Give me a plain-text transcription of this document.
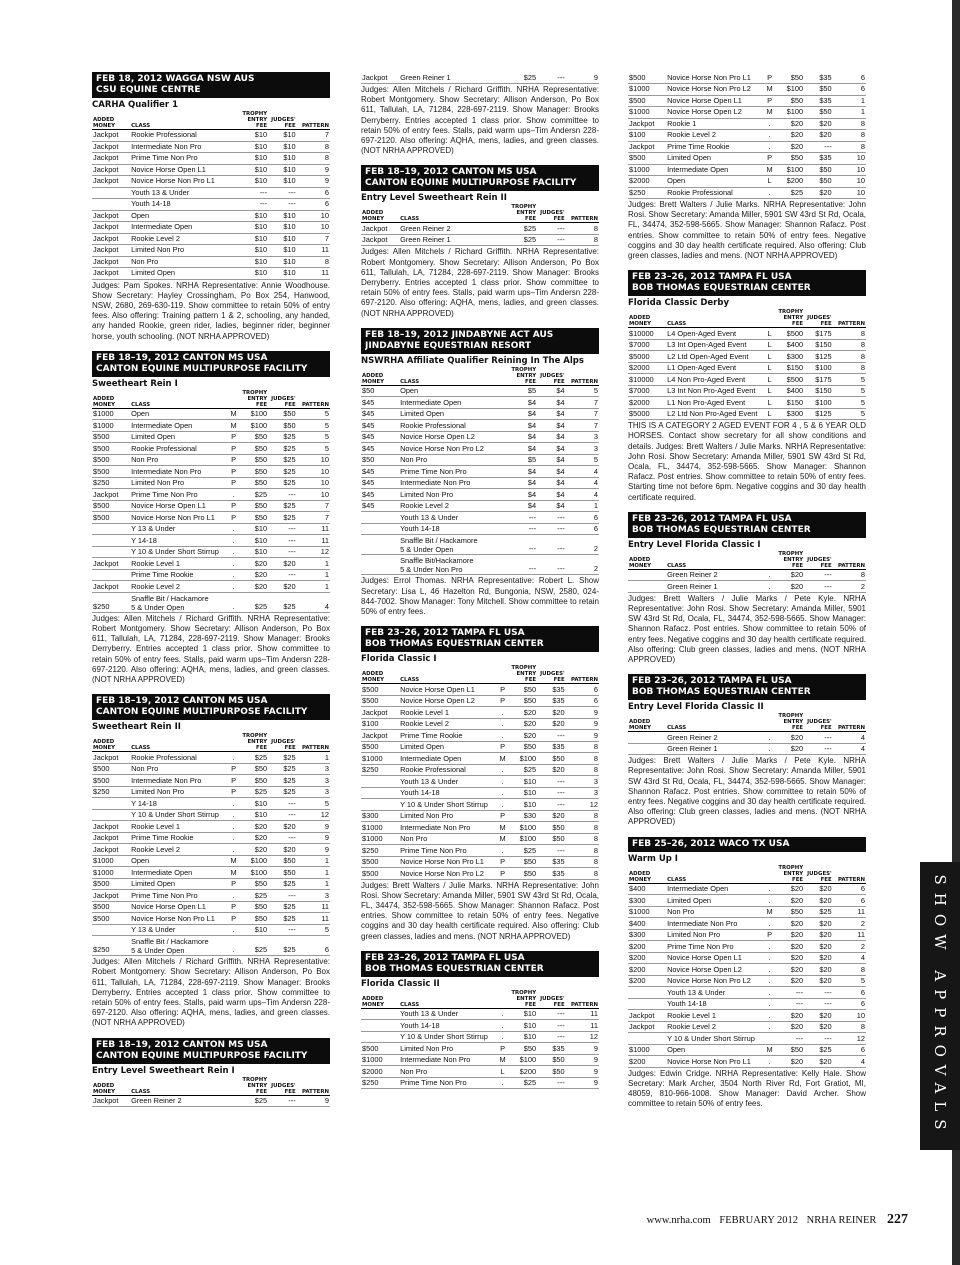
FEB 18, 2012 WAGGA NSW AUS
CSU EQUINE CENTRE
CARHA Qualifier 1
ADDED MONEY	CLASS		TROPHY ENTRY FEE	JUDGES' FEE	PATTERN
Jackpot	Rookie Professional		$10	$10	7
Jackpot	Intermediate Non Pro		$10	$10	8
Jackpot	Prime Time Non Pro		$10	$10	8
Jackpot	Novice Horse Open L1		$10	$10	9
Jackpot	Novice Horse Non Pro L1		$10	$10	9
	Youth 13 & Under		---	---	6
	Youth 14-18		---	---	6
Jackpot	Open		$10	$10	10
Jackpot	Intermediate Open		$10	$10	10
Jackpot	Rookie Level 2		$10	$10	7
Jackpot	Limited Non Pro		$10	$10	11
Jackpot	Non Pro		$10	$10	8
Jackpot	Limited Open		$10	$10	11

Judges: Pam Spokes. NRHA Representative: Annie Woodhouse. Show Secretary: Hayley Crossingham, Po Box 254, Hanwood, NSW, 2680, 269-630-119. Show committee to retain 50% of entry fees. Also offering: Training pattern 1 & 2, schooling, any handed, any handed Rookie, green rider, ladies, beginner rider, beginner horse, youth schooling. (NOT NRHA APPROVED)

FEB 18–19, 2012 CANTON MS USA
CANTON EQUINE MULTIPURPOSE FACILITY
Sweetheart Rein I
ADDED MONEY	CLASS		TROPHY ENTRY FEE	JUDGES' FEE	PATTERN
$1000	Open	M	$100	$50	5
$1000	Intermediate Open	M	$100	$50	5
$500	Limited Open	P	$50	$25	5
$500	Rookie Professional	P	$50	$25	5
$500	Non Pro	P	$50	$25	10
$500	Intermediate Non Pro	P	$50	$25	10
$250	Limited Non Pro	P	$50	$25	10
Jackpot	Prime Time Non Pro	.	$25	---	10
$500	Novice Horse Open L1	P	$50	$25	7
$500	Novice Horse Non Pro L1	P	$50	$25	7
	Y 13 & Under	.	$10	---	11
	Y 14-18	.	$10	---	11
	Y 10 & Under Short Stirrup	.	$10	---	12
Jackpot	Rookie Level 1	.	$20	$20	1
	Prime Time Rookie	.	$20	---	1
Jackpot	Rookie Level 2	.	$20	$20	1
$250	Snaffle Bit / Hackamore
5 & Under Open	.	$25	$25	4

Judges: Allen Mitchels / Richard Griffith. NRHA Representative: Robert Montgomery. Show Secretary: Allison Anderson, Po Box 611, Tallulah, LA, 71284, 228-697-2119. Show Manager: Brooks Derryberry. Entries accepted 1 class prior. Show committee to retain 50% of entry fees. Stalls, paid warm ups–Tim Andersn 228-697-2120. Also offering: AQHA, mens, ladies, and green classes. (NOT NRHA APPROVED)

FEB 18–19, 2012 CANTON MS USA
CANTON EQUINE MULTIPURPOSE FACILITY
Sweetheart Rein II
ADDED MONEY	CLASS		TROPHY ENTRY FEE	JUDGES' FEE	PATTERN
Jackpot	Rookie Professional	.	$25	$25	1
$500	Non Pro	P	$50	$25	3
$500	Intermediate Non Pro	P	$50	$25	3
$250	Limited Non Pro	P	$25	$25	3
	Y 14-18	.	$10	---	5
	Y 10 & Under Short Stirrup	.	$10	---	12
Jackpot	Rookie Level 1	.	$20	$20	9
Jackpot	Prime Time Rookie	.	$20	---	9
Jackpot	Rookie Level 2	.	$20	$20	9
$1000	Open	M	$100	$50	1
$1000	Intermediate Open	M	$100	$50	1
$500	Limited Open	P	$50	$25	1
Jackpot	Prime Time Non Pro	.	$25	---	3
$500	Novice Horse Open L1	P	$50	$25	11
$500	Novice Horse Non Pro L1	P	$50	$25	11
	Y 13 & Under	.	$10	---	5
$250	Snaffle Bit / Hackamore
5 & Under Open	.	$25	$25	6

Judges: Allen Mitchels / Richard Griffith. NRHA Representative: Robert Montgomery. Show Secretary: Allison Anderson, Po Box 611, Tallulah, LA, 71284, 228-697-2119. Show Manager: Brooks Derryberry. Entries accepted 1 class prior. Show committee to retain 50% of entry fees. Stalls, paid warm ups–Tim Andersn 228-697-2120. Also offering: AQHA, mens, ladies, and green classes. (NOT NRHA APPROVED)

FEB 18–19, 2012 CANTON MS USA
CANTON EQUINE MULTIPURPOSE FACILITY
Entry Level Sweetheart Rein I
ADDED MONEY	CLASS		TROPHY ENTRY FEE	JUDGES' FEE	PATTERN
Jackpot	Green Reiner 2		$25	---	9
Jackpot	Green Reiner 1		$25	---	9

Judges: Allen Mitchels / Richard Griffith. NRHA Representative: Robert Montgomery. Show Secretary: Allison Anderson, Po Box 611, Tallulah, LA, 71284, 228-697-2119. Show Manager: Brooks Derryberry. Entries accepted 1 class prior. Show committee to retain 50% of entry fees. Stalls, paid warm ups–Tim Andersn 228-697-2120. Also offering: AQHA, mens, ladies, and green classes. (NOT NRHA APPROVED)

FEB 18–19, 2012 CANTON MS USA
CANTON EQUINE MULTIPURPOSE FACILITY
Entry Level Sweetheart Rein II
ADDED MONEY	CLASS		TROPHY ENTRY FEE	JUDGES' FEE	PATTERN
Jackpot	Green Reiner 2		$25	---	8
Jackpot	Green Reiner 1		$25	---	8

Judges: Allen Mitchels / Richard Griffith. NRHA Representative: Robert Montgomery. Show Secretary: Allison Anderson, Po Box 611, Tallulah, LA, 71284, 228-697-2119. Show Manager: Brooks Derryberry. Entries accepted 1 class prior. Show committee to retain 50% of entry fees. Stalls, paid warm ups–Tim Andersn 228-697-2120. Also offering: AQHA, mens, ladies, and green classes. (NOT NRHA APPROVED)

FEB 18–19, 2012 JINDABYNE ACT AUS
JINDABYNE EQUESTRIAN RESORT
NSWRHA Affiliate Qualifier Reining In The Alps
ADDED MONEY	CLASS		TROPHY ENTRY FEE	JUDGES' FEE	PATTERN
$50	Open		$5	$4	5
$45	Intermediate Open		$4	$4	7
$45	Limited Open		$4	$4	7
$45	Rookie Professional		$4	$4	7
$45	Novice Horse Open L2		$4	$4	3
$45	Novice Horse Non Pro L2		$4	$4	3
$50	Non Pro		$5	$4	5
$45	Prime Time Non Pro		$4	$4	4
$45	Intermediate Non Pro		$4	$4	4
$45	Limited Non Pro		$4	$4	4
$45	Rookie Level 2		$4	$4	1
	Youth 13 & Under		---	---	6
	Youth 14-18		---	---	6
	Snaffle Bit / Hackamore
5 & Under Open		---	---	2
	Snaffle Bit/Hackamore
5 & Under Non Pro		---	---	2

Judges: Errol Thomas. NRHA Representative: Robert L. Show Secretary: Lisa L, 46 Hazelton Rd, Bungonia, NSW, 2580, 024-844-7002. Show Manager: Tony Mitchell. Show committee to retain 50% of entry fees.

FEB 23–26, 2012 TAMPA FL USA
BOB THOMAS EQUESTRIAN CENTER
Florida Classic I
ADDED MONEY	CLASS		TROPHY ENTRY FEE	JUDGES' FEE	PATTERN
$500	Novice Horse Open L1	P	$50	$35	6
$500	Novice Horse Open L2	P	$50	$35	6
Jackpot	Rookie Level 1	.	$20	$20	9
$100	Rookie Level 2	.	$20	$20	9
Jackpot	Prime Time Rookie	.	$20	---	9
$500	Limited Open	P	$50	$35	8
$1000	Intermediate Open	M	$100	$50	8
$250	Rookie Professional	.	$25	$20	8
	Youth 13 & Under	.	$10	---	3
	Youth 14-18	.	$10	---	3
	Y 10 & Under Short Stirrup	.	$10	---	12
$300	Limited Non Pro	P	$30	$20	8
$1000	Intermediate Non Pro	M	$100	$50	8
$1000	Non Pro	M	$100	$50	8
$250	Prime Time Non Pro	.	$25	---	8
$500	Novice Horse Non Pro L1	P	$50	$35	8
$500	Novice Horse Non Pro L2	P	$50	$35	8

Judges: Brett Walters / Julie Marks. NRHA Representative: John Rosi. Show Secretary: Amanda Miller, 5901 SW 43rd St Rd, Ocala, FL, 34474, 352-598-5665. Show Manager: Shannon Rafacz. Post entries. Show committee to retain 50% of entry fees. Negative coggins and 30 day health certificate required. Also offering: Club green classes, ladies and mens. (NOT NRHA APPROVED)

FEB 23–26, 2012 TAMPA FL USA
BOB THOMAS EQUESTRIAN CENTER
Florida Classic II
ADDED MONEY	CLASS		TROPHY ENTRY FEE	JUDGES' FEE	PATTERN
	Youth 13 & Under	.	$10	---	11
	Youth 14-18	.	$10	---	11
	Y 10 & Under Short Stirrup	.	$10	---	12
$500	Limited Non Pro	P	$50	$35	9
$1000	Intermediate Non Pro	M	$100	$50	9
$2000	Non Pro	L	$200	$50	9
$250	Prime Time Non Pro	.	$25	---	9
$500	Novice Horse Non Pro L1	P	$50	$35	6
$1000	Novice Horse Non Pro L2	M	$100	$50	6
$500	Novice Horse Open L1	P	$50	$35	1
$1000	Novice Horse Open L2	M	$100	$50	1
Jackpot	Rookie 1	.	$20	$20	8
$100	Rookie Level 2	.	$20	$20	8
Jackpot	Prime Time Rookie	.	$20	---	8
$500	Limited Open	P	$50	$35	10
$1000	Intermediate Open	M	$100	$50	10
$2000	Open	L	$200	$50	10
$250	Rookie Professional	.	$25	$20	10

Judges: Brett Walters / Julie Marks. NRHA Representative: John Rosi. Show Secretary: Amanda Miller, 5901 SW 43rd St Rd, Ocala, FL, 34474, 352-598-5665. Show Manager: Shannon Rafacz. Post entries. Show committee to retain 50% of entry fees. Negative coggins and 30 day health certificate required. Also offering: Club green classes, ladies and mens. (NOT NRHA APPROVED)

FEB 23–26, 2012 TAMPA FL USA
BOB THOMAS EQUESTRIAN CENTER
Florida Classic Derby
ADDED MONEY	CLASS		TROPHY ENTRY FEE	JUDGES' FEE	PATTERN
$10000	L4 Open-Aged Event	L	$500	$175	8
$7000	L3 Int Open-Aged Event	L	$400	$150	8
$5000	L2 Ltd Open-Aged Event	L	$300	$125	8
$2000	L1 Open-Aged Event	L	$150	$100	8
$10000	L4 Non Pro-Aged Event	L	$500	$175	5
$7000	L3 Int Non Pro-Aged Event	L	$400	$150	5
$2000	L1 Non Pro-Aged Event	L	$150	$100	5
$5000	L2 Ltd Non Pro-Aged Event	L	$300	$125	5

THIS IS A CATEGORY 2 AGED EVENT FOR 4 , 5 & 6 YEAR OLD HORSES. Contact show secretary for all show conditions and details. Judges: Brett Walters / Julie Marks. NRHA Representative: John Rosi. Show Secretary: Amanda Miller, 5901 SW 43rd St Rd, Ocala, FL, 34474, 352-598-5665. Show Manager: Shannon Rafacz. Post entries. Show committee to retain 50% of entry fees. Starting time not before 6pm. Negative coggins and 30 day health certificate required.

FEB 23–26, 2012 TAMPA FL USA
BOB THOMAS EQUESTRIAN CENTER
Entry Level Florida Classic I
ADDED MONEY	CLASS		TROPHY ENTRY FEE	JUDGES' FEE	PATTERN
	Green Reiner 2	.	$20	---	8
	Green Reiner 1	.	$20	---	2

Judges: Brett Walters / Julie Marks / Pete Kyle. NRHA Representative: John Rosi. Show Secretary: Amanda Miller, 5901 SW 43rd St Rd, Ocala, FL, 34474, 352-598-5665. Show Manager: Shannon Rafacz. Post entries. Show committee to retain 50% of entry fees. Negative coggins and 30 day health certificate required. Also offering: Club green classes, ladies and mens. (NOT NRHA APPROVED)

FEB 23–26, 2012 TAMPA FL USA
BOB THOMAS EQUESTRIAN CENTER
Entry Level Florida Classic II
ADDED MONEY	CLASS		TROPHY ENTRY FEE	JUDGES' FEE	PATTERN
	Green Reiner 2	.	$20	---	4
	Green Reiner 1	.	$20	---	4

Judges: Brett Walters / Julie Marks / Pete Kyle. NRHA Representative: John Rosi. Show Secretary: Amanda Miller, 5901 SW 43rd St Rd, Ocala, FL, 34474, 352-598-5665. Show Manager: Shannon Rafacz. Post entries. Show committee to retain 50% of entry fees. Negative coggins and 30 day health certificate required. Also offering: Club green classes, ladies and mens. (NOT NRHA APPROVED)

FEB 25–26, 2012 WACO TX USA
Warm Up I
ADDED MONEY	CLASS		TROPHY ENTRY FEE	JUDGES' FEE	PATTERN
$400	Intermediate Open	.	$20	$20	6
$300	Limited Open	.	$20	$20	6
$1000	Non Pro	M	$50	$25	11
$400	Intermediate Non Pro	.	$20	$20	2
$300	Limited Non Pro	P	$20	$20	11
$200	Prime Time Non Pro	.	$20	$20	2
$200	Novice Horse Open L1	.	$20	$20	4
$200	Novice Horse Open L2	.	$20	$20	8
$200	Novice Horse Non Pro L2	.	$20	$20	5
	Youth 13 & Under	.	---	---	6
	Youth 14-18	.	---	---	6
Jackpot	Rookie Level 1	.	$20	$20	10
Jackpot	Rookie Level 2	.	$20	$20	8
	Y 10 & Under Short Stirrup		---	---	12
$1000	Open	M	$50	$25	6
$200	Novice Horse Non Pro L1	.	$20	$20	4

Judges: Edwin Cridge. NRHA Representative: Kelly Hale. Show Secretary: Mark Archer, 3504 North River Rd, Fort Gratiot, MI, 48059, 810-966-1008. Show Manager: David Archer. Show committee to retain 50% of entry fees.	SHOW APPROVALS
www.nrha.com FEBRUARY 2012 NRHA REINER 227
